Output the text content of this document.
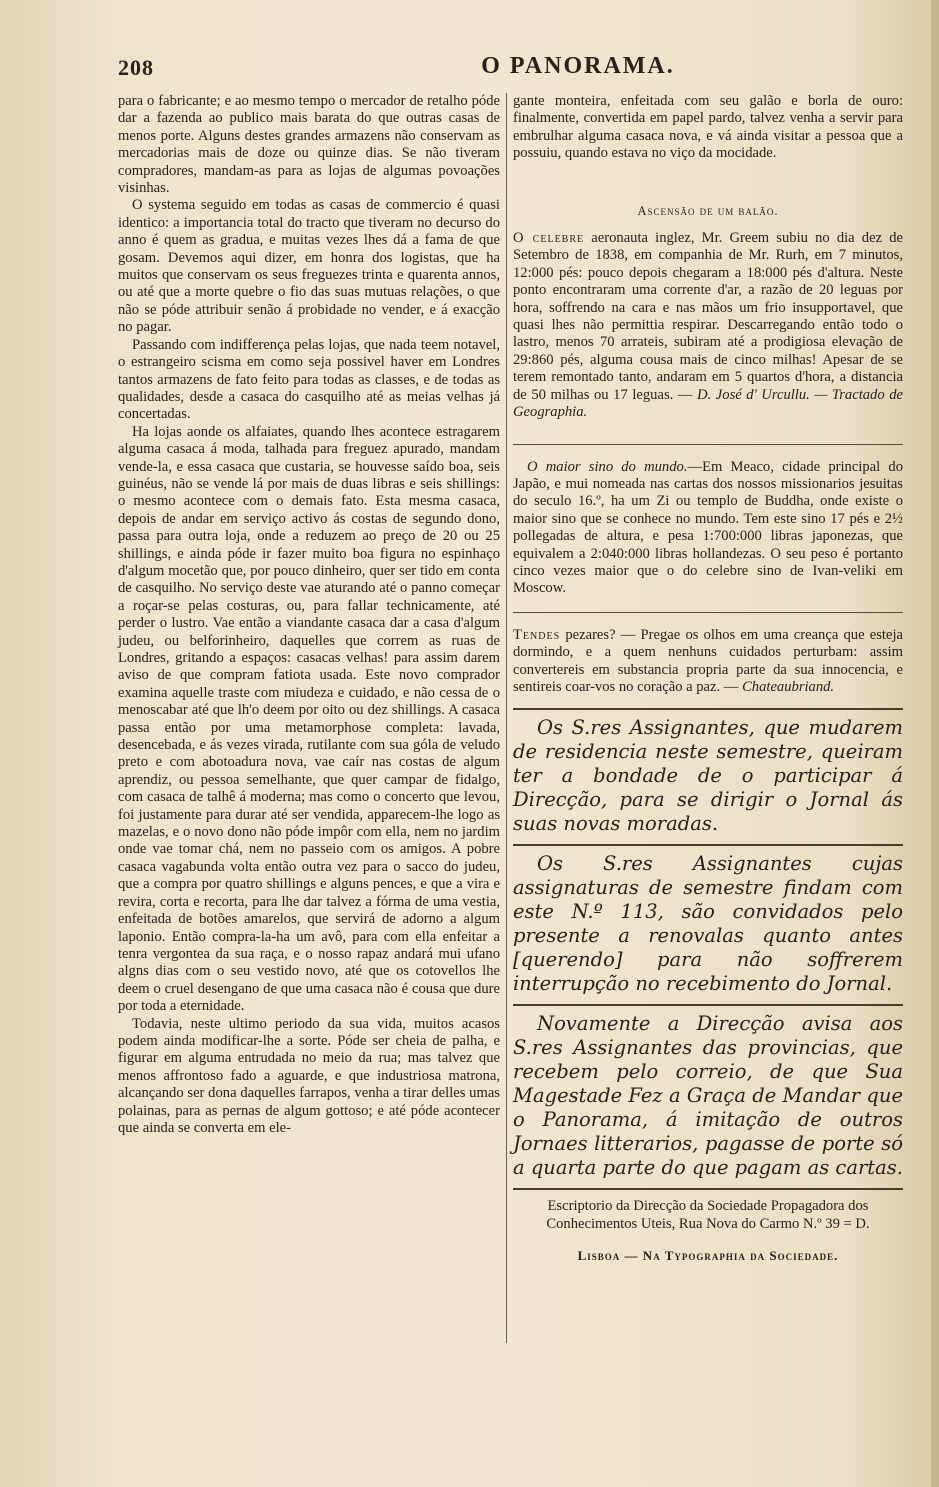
208	O PANORAMA.

para o fabricante; e ao mesmo tempo o mercador de retalho póde dar a fazenda ao publico mais barata do que outras casas de menos porte. Alguns destes grandes armazens não conservam as mercadorias mais de doze ou quinze dias. Se não tiveram compradores, mandam-as para as lojas de algumas povoações visinhas.

O systema seguido em todas as casas de commercio é quasi identico: a importancia total do tracto que tiveram no decurso do anno é quem as gradua, e muitas vezes lhes dá a fama de que gosam. Devemos aqui dizer, em honra dos logistas, que ha muitos que conservam os seus freguezes trinta e quarenta annos, ou até que a morte quebre o fio das suas mutuas relações, o que não se póde attribuir senão á probidade no vender, e á exacção no pagar.

Passando com indifferença pelas lojas, que nada teem notavel, o estrangeiro scisma em como seja possivel haver em Londres tantos armazens de fato feito para todas as classes, e de todas as qualidades, desde a casaca do casquilho até as meias velhas já concertadas.

Ha lojas aonde os alfaiates, quando lhes acontece estragarem alguma casaca á moda, talhada para freguez apurado, mandam vende-la, e essa casaca que custaria, se houvesse saído boa, seis guinéus, não se vende lá por mais de duas libras e seis shillings: o mesmo acontece com o demais fato. Esta mesma casaca, depois de andar em serviço activo ás costas de segundo dono, passa para outra loja, onde a reduzem ao preço de 20 ou 25 shillings, e ainda póde ir fazer muito boa figura no espinhaço d'algum mocetão que, por pouco dinheiro, quer ser tido em conta de casquilho. No serviço deste vae aturando até o panno começar a roçar-se pelas costuras, ou, para fallar technicamente, até perder o lustro. Vae então a viandante casaca dar a casa d'algum judeu, ou belforinheiro, daquelles que correm as ruas de Londres, gritando a espaços: casacas velhas! para assim darem aviso de que compram fatiota usada. Este novo comprador examina aquelle traste com miudeza e cuidado, e não cessa de o menoscabar até que lh'o deem por oito ou dez shillings. A casaca passa então por uma metamorphose completa: lavada, desencebada, e ás vezes virada, rutilante com sua góla de veludo preto e com abotoadura nova, vae caír nas costas de algum aprendiz, ou pessoa semelhante, que quer campar de fidalgo, com casaca de talhê á moderna; mas como o concerto que levou, foi justamente para durar até ser vendida, apparecem-lhe logo as mazelas, e o novo dono não póde impôr com ella, nem no jardim onde vae tomar chá, nem no passeio com os amigos. A pobre casaca vagabunda volta então outra vez para o sacco do judeu, que a compra por quatro shillings e alguns pences, e que a vira e revira, corta e recorta, para lhe dar talvez a fórma de uma vestia, enfeitada de botões amarelos, que servirá de adorno a algum laponio. Então compra-la-ha um avô, para com ella enfeitar a tenra vergontea da sua raça, e o nosso rapaz andará mui ufano algns dias com o seu vestido novo, até que os cotovellos lhe deem o cruel desengano de que uma casaca não é cousa que dure por toda a eternidade.

Todavia, neste ultimo periodo da sua vida, muitos acasos podem ainda modificar-lhe a sorte. Póde ser cheia de palha, e figurar em alguma entrudada no meio da rua; mas talvez que menos affrontoso fado a aguarde, e que industriosa matrona, alcançando ser dona daquelles farrapos, venha a tirar delles umas polainas, para as pernas de algum gottoso; e até póde acontecer que ainda se converta em ele-

gante monteira, enfeitada com seu galão e borla de ouro: finalmente, convertida em papel pardo, talvez venha a servir para embrulhar alguma casaca nova, e vá ainda visitar a pessoa que a possuiu, quando estava no viço da mocidade.

Ascensão de um balão.

O celebre aeronauta inglez, Mr. Greem subiu no dia dez de Setembro de 1838, em companhia de Mr. Rurh, em 7 minutos, 12:000 pés: pouco depois chegaram a 18:000 pés d'altura. Neste ponto encontraram uma corrente d'ar, a razão de 20 leguas por hora, soffrendo na cara e nas mãos um frio insupportavel, que quasi lhes não permittia respirar. Descarregando então todo o lastro, menos 70 arrateis, subiram até a prodigiosa elevação de 29:860 pés, alguma cousa mais de cinco milhas! Apesar de se terem remontado tanto, andaram em 5 quartos d'hora, a distancia de 50 milhas ou 17 leguas. — D. José d' Urcullu. — Tractado de Geographia.

O maior sino do mundo.—Em Meaco, cidade principal do Japão, e mui nomeada nas cartas dos nossos missionarios jesuitas do seculo 16.º, ha um Zi ou templo de Buddha, onde existe o maior sino que se conhece no mundo. Tem este sino 17 pés e 2½ pollegadas de altura, e pesa 1:700:000 libras japonezas, que equivalem a 2:040:000 libras hollandezas. O seu peso é portanto cinco vezes maior que o do celebre sino de Ivan-veliki em Moscow.

Tendes pezares? — Pregae os olhos em uma creança que esteja dormindo, e a quem nenhuns cuidados perturbam: assim convertereis em substancia propria parte da sua innocencia, e sentireis coar-vos no coração a paz. — Chateaubriand.

Os S.res Assignantes, que mudarem de residencia neste semestre, queiram ter a bondade de o participar á Direcção, para se dirigir o Jornal ás suas novas moradas.

Os S.res Assignantes cujas assignaturas de semestre findam com este N.º 113, são convidados pelo presente a renovalas quanto antes [querendo] para não soffrerem interrupção no recebimento do Jornal.

Novamente a Direcção avisa aos S.res Assignantes das provincias, que recebem pelo correio, de que Sua Magestade Fez a Graça de Mandar que o Panorama, á imitação de outros Jornaes litterarios, pagasse de porte só a quarta parte do que pagam as cartas.

Escriptorio da Direcção da Sociedade Propagadora dos Conhecimentos Uteis, Rua Nova do Carmo N.º 39 = D.
Lisboa — Na Typographia da Sociedade.
